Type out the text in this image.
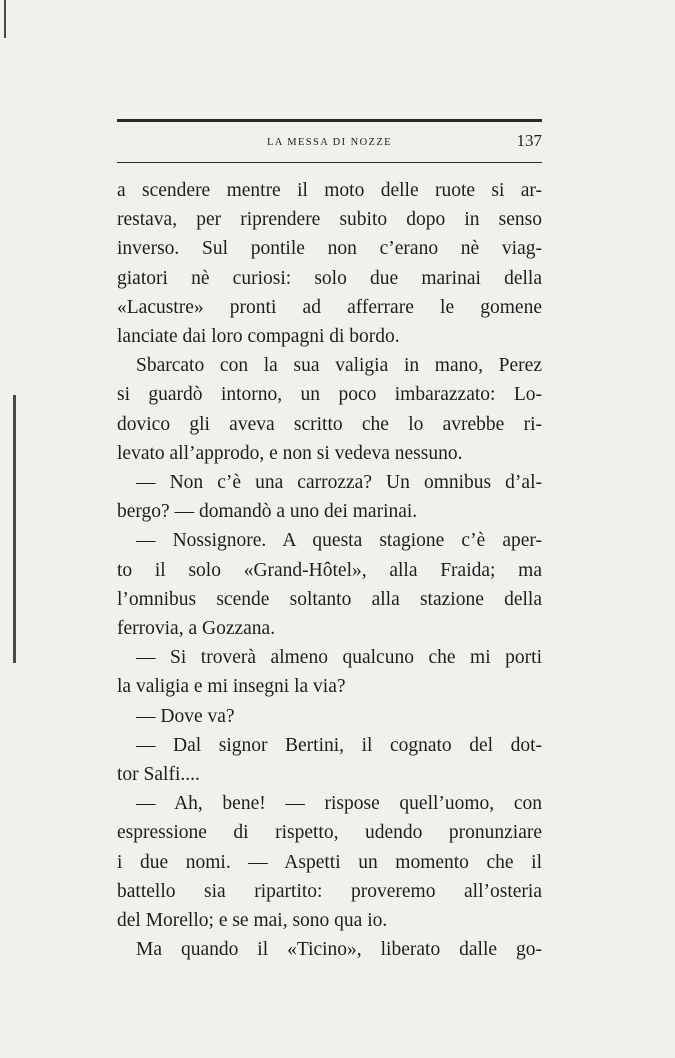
LA MESSA DI NOZZE	137
a scendere mentre il moto delle ruote si ar-
restava, per riprendere subito dopo in senso
inverso. Sul pontile non c’erano nè viag-
giatori nè curiosi: solo due marinai della
«Lacustre» pronti ad afferrare le gomene
lanciate dai loro compagni di bordo.
Sbarcato con la sua valigia in mano, Perez
si guardò intorno, un poco imbarazzato: Lo-
dovico gli aveva scritto che lo avrebbe ri-
levato all’approdo, e non si vedeva nessuno.
— Non c’è una carrozza? Un omnibus d’al-
bergo? — domandò a uno dei marinai.
— Nossignore. A questa stagione c’è aper-
to il solo «Grand-Hôtel», alla Fraida; ma
l’omnibus scende soltanto alla stazione della
ferrovia, a Gozzana.
— Si troverà almeno qualcuno che mi porti
la valigia e mi insegni la via?
— Dove va?
— Dal signor Bertini, il cognato del dot-
tor Salfi....
— Ah, bene! — rispose quell’uomo, con
espressione di rispetto, udendo pronunziare
i due nomi. — Aspetti un momento che il
battello sia ripartito: proveremo all’osteria
del Morello; e se mai, sono qua io.
Ma quando il «Ticino», liberato dalle go-
